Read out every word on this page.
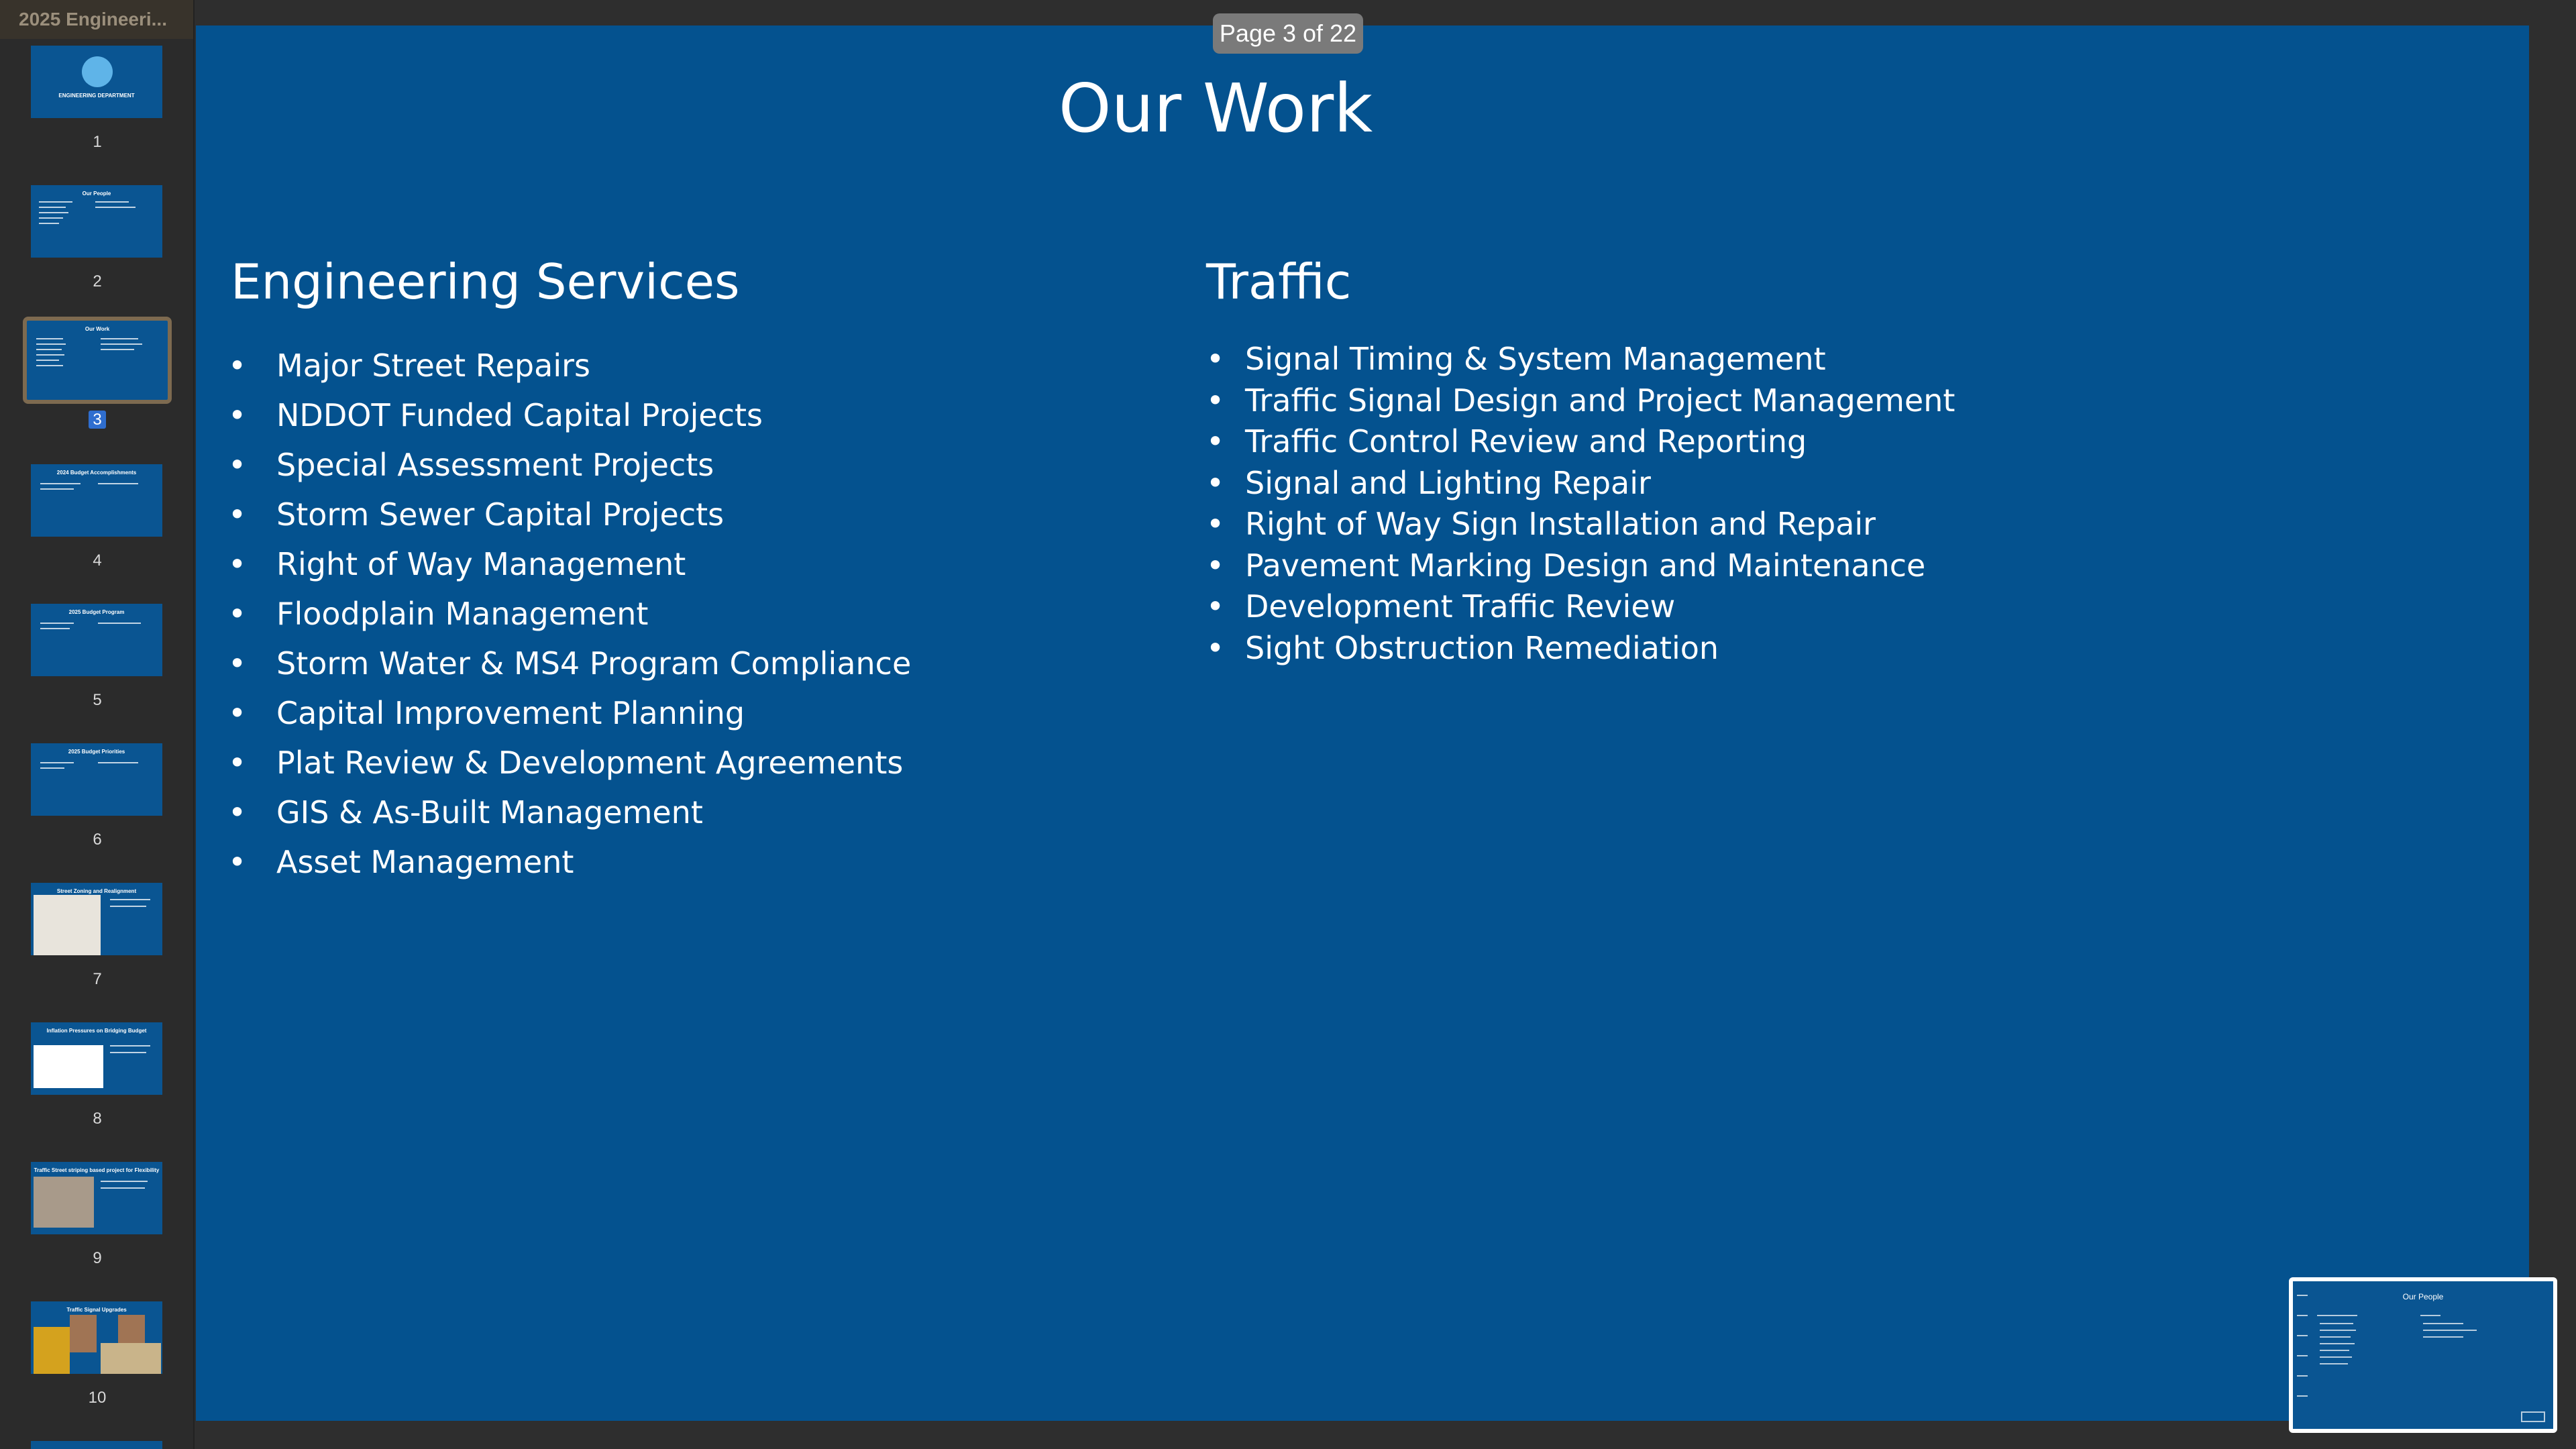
2025 Engineeri...
ENGINEERING DEPARTMENT
1
Our People
2
Our Work
3
2024 Budget Accomplishments
4
2025 Budget Program
5
2025 Budget Priorities
6
Street Zoning and Realignment
7
Inflation Pressures on Bridging Budget
8
Traffic Street striping based project for Flexibility
9
Traffic Signal Upgrades
10
Page 3 of 22
Our Work
Engineering Services
• Major Street Repairs
• NDDOT Funded Capital Projects
• Special Assessment Projects
• Storm Sewer Capital Projects
• Right of Way Management
• Floodplain Management
• Storm Water & MS4 Program Compliance
• Capital Improvement Planning
• Plat Review & Development Agreements
• GIS & As-Built Management
• Asset Management
Traffic
• Signal Timing & System Management
• Traffic Signal Design and Project Management
• Traffic Control Review and Reporting
• Signal and Lighting Repair
• Right of Way Sign Installation and Repair
• Pavement Marking Design and Maintenance
• Development Traffic Review
• Sight Obstruction Remediation
Our People
